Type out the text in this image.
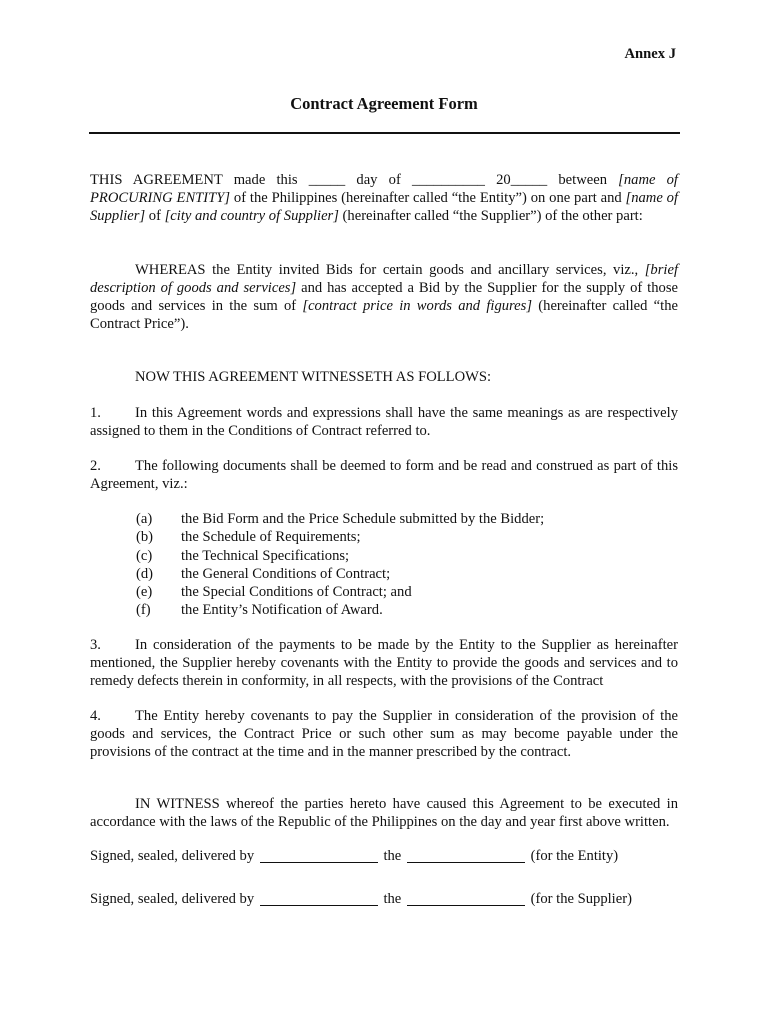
Annex J
Contract Agreement Form

THIS AGREEMENT made this _____ day of __________ 20_____ between [name of PROCURING ENTITY] of the Philippines (hereinafter called “the Entity”) on one part and [name of Supplier] of [city and country of Supplier] (hereinafter called “the Supplier”) of the other part:

WHEREAS the Entity invited Bids for certain goods and ancillary services, viz., [brief description of goods and services] and has accepted a Bid by the Supplier for the supply of those goods and services in the sum of [contract price in words and figures] (hereinafter called “the Contract Price”).

NOW THIS AGREEMENT WITNESSETH AS FOLLOWS:

1. In this Agreement words and expressions shall have the same meanings as are respectively assigned to them in the Conditions of Contract referred to.

2. The following documents shall be deemed to form and be read and construed as part of this Agreement, viz.:

(a) the Bid Form and the Price Schedule submitted by the Bidder;
(b) the Schedule of Requirements;
(c) the Technical Specifications;
(d) the General Conditions of Contract;
(e) the Special Conditions of Contract; and
(f) the Entity’s Notification of Award.

3. In consideration of the payments to be made by the Entity to the Supplier as hereinafter mentioned, the Supplier hereby covenants with the Entity to provide the goods and services and to remedy defects therein in conformity, in all respects, with the provisions of the Contract

4. The Entity hereby covenants to pay the Supplier in consideration of the provision of the goods and services, the Contract Price or such other sum as may become payable under the provisions of the contract at the time and in the manner prescribed by the contract.

IN WITNESS whereof the parties hereto have caused this Agreement to be executed in accordance with the laws of the Republic of the Philippines on the day and year first above written.

Signed, sealed, delivered by	the	(for the Entity)
Signed, sealed, delivered by	the	(for the Supplier)
